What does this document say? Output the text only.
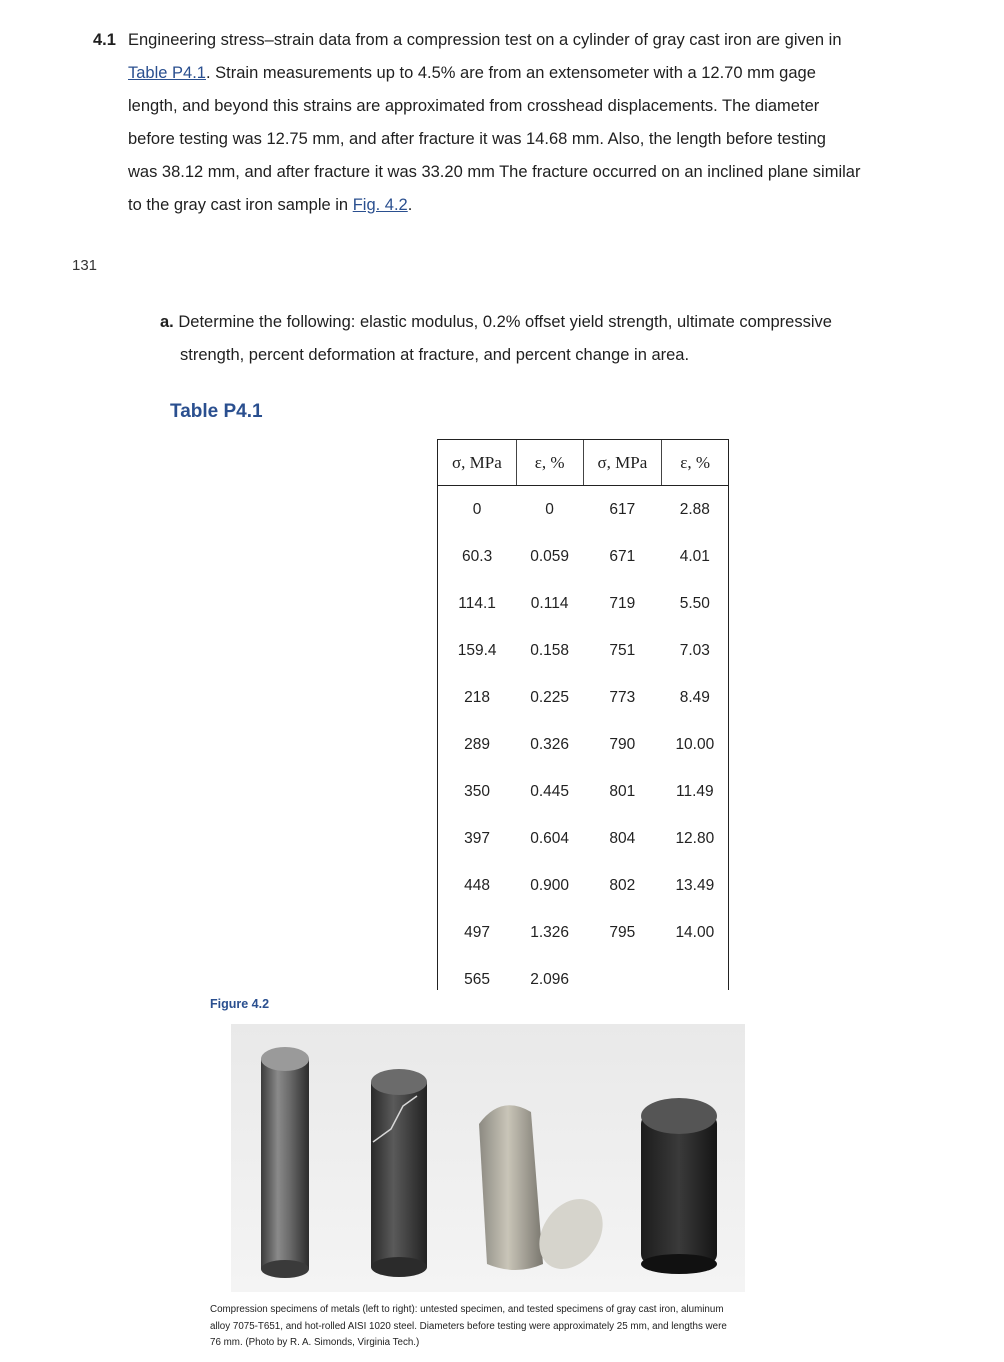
4.1 Engineering stress–strain data from a compression test on a cylinder of gray cast iron are given in
Table P4.1. Strain measurements up to 4.5% are from an extensometer with a 12.70 mm gage
length, and beyond this strains are approximated from crosshead displacements. The diameter
before testing was 12.75 mm, and after fracture it was 14.68 mm. Also, the length before testing
was 38.12 mm, and after fracture it was 33.20 mm The fracture occurred on an inclined plane similar
to the gray cast iron sample in Fig. 4.2.
131
a. Determine the following: elastic modulus, 0.2% offset yield strength, ultimate compressive
strength, percent deformation at fracture, and percent change in area.
Table P4.1
σ, MPa	ε, %	σ, MPa	ε, %
0	0	617	2.88
60.3	0.059	671	4.01
114.1	0.114	719	5.50
159.4	0.158	751	7.03
218	0.225	773	8.49
289	0.326	790	10.00
350	0.445	801	11.49
397	0.604	804	12.80
448	0.900	802	13.49
497	1.326	795	14.00
565	2.096		
Figure 4.2
Compression specimens of metals (left to right): untested specimen, and tested specimens of gray cast iron, aluminum
alloy 7075-T651, and hot-rolled AISI 1020 steel. Diameters before testing were approximately 25 mm, and lengths were
76 mm. (Photo by R. A. Simonds, Virginia Tech.)
